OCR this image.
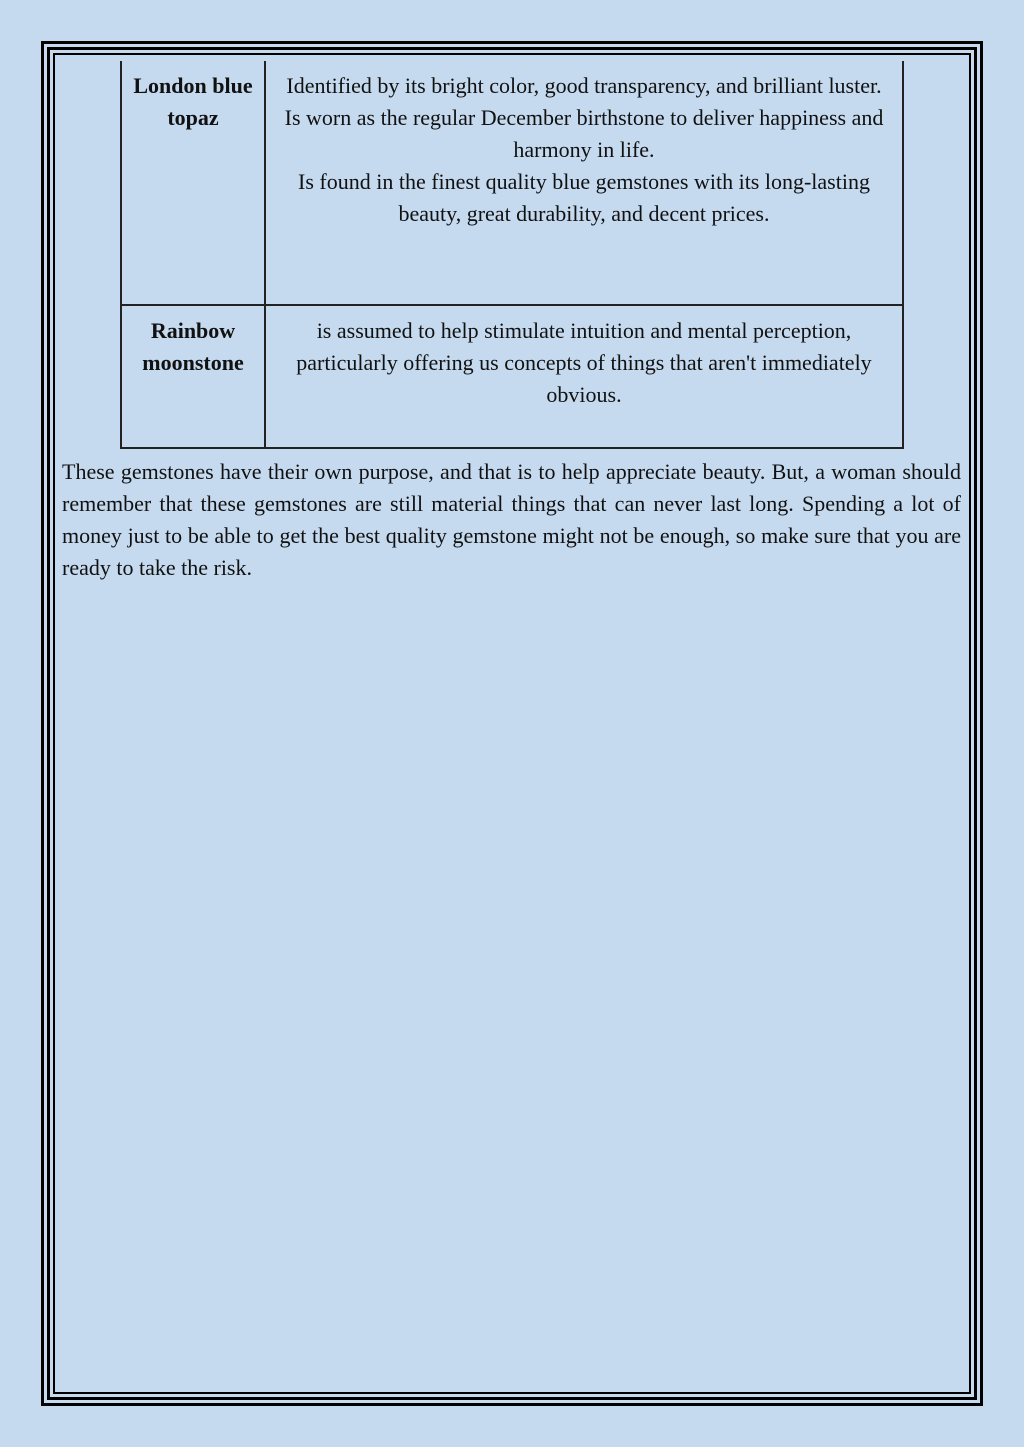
London blue topaz	Identified by its bright color, good transparency, and brilliant luster.

Is worn as the regular December birthstone to deliver happiness and harmony in life.

Is found in the finest quality blue gemstones with its long-lasting beauty, great durability, and decent prices.

Rainbow moonstone	is assumed to help stimulate intuition and mental perception, particularly offering us concepts of things that aren't immediately obvious.

These gemstones have their own purpose, and that is to help appreciate beauty. But, a woman should remember that these gemstones are still material things that can never last long. Spending a lot of money just to be able to get the best quality gemstone might not be enough, so make sure that you are ready to take the risk.
